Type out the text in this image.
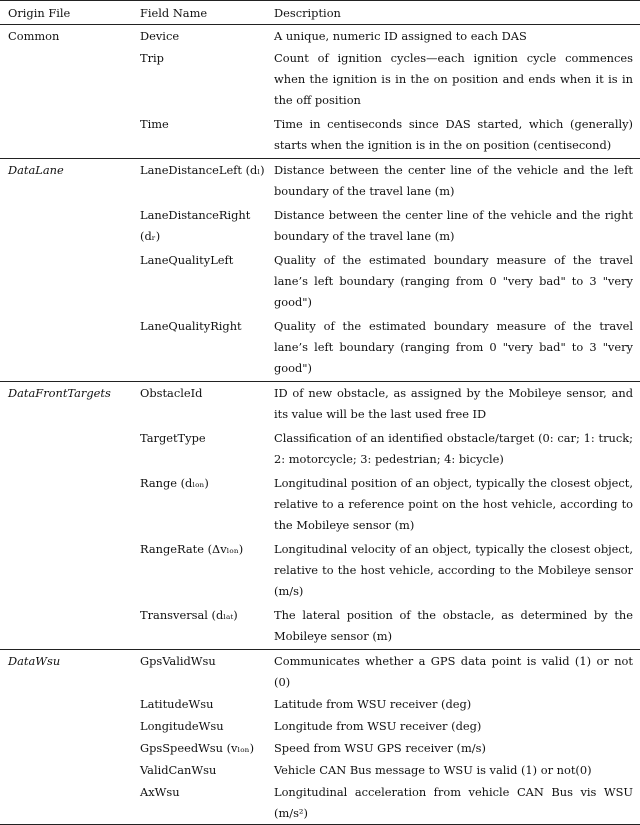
Origin File	Field Name	Description
Common	Device	A unique, numeric ID assigned to each DAS
	Trip	Count of ignition cycles—each ignition cycle commences when the ignition is in the on position and ends when it is in the off position
	Time	Time in centiseconds since DAS started, which (generally) starts when the ignition is in the on position (centisecond)
DataLane	LaneDistanceLeft (dₗ)	Distance between the center line of the vehicle and the left boundary of the travel lane (m)
	LaneDistanceRight (dᵣ)	Distance between the center line of the vehicle and the right boundary of the travel lane (m)
	LaneQualityLeft	Quality of the estimated boundary measure of the travel lane’s left boundary (ranging from 0 "very bad" to 3 "very good")
	LaneQualityRight	Quality of the estimated boundary measure of the travel lane’s left boundary (ranging from 0 "very bad" to 3 "very good")
DataFrontTargets	ObstacleId	ID of new obstacle, as assigned by the Mobileye sensor, and its value will be the last used free ID
	TargetType	Classification of an identified obstacle/target (0: car; 1: truck; 2: motorcycle; 3: pedestrian; 4: bicycle)
	Range (dₗₒₙ)	Longitudinal position of an object, typically the closest object, relative to a reference point on the host vehicle, according to the Mobileye sensor (m)
	RangeRate (Δvₗₒₙ)	Longitudinal velocity of an object, typically the closest object, relative to the host vehicle, according to the Mobileye sensor (m/s)
	Transversal (dₗₐₜ)	The lateral position of the obstacle, as determined by the Mobileye sensor (m)
DataWsu	GpsValidWsu	Communicates whether a GPS data point is valid (1) or not (0)
	LatitudeWsu	Latitude from WSU receiver (deg)
	LongitudeWsu	Longitude from WSU receiver (deg)
	GpsSpeedWsu (vₗₒₙ)	Speed from WSU GPS receiver (m/s)
	ValidCanWsu	Vehicle CAN Bus message to WSU is valid (1) or not(0)
	AxWsu	Longitudinal acceleration from vehicle CAN Bus vis WSU (m/s²)
